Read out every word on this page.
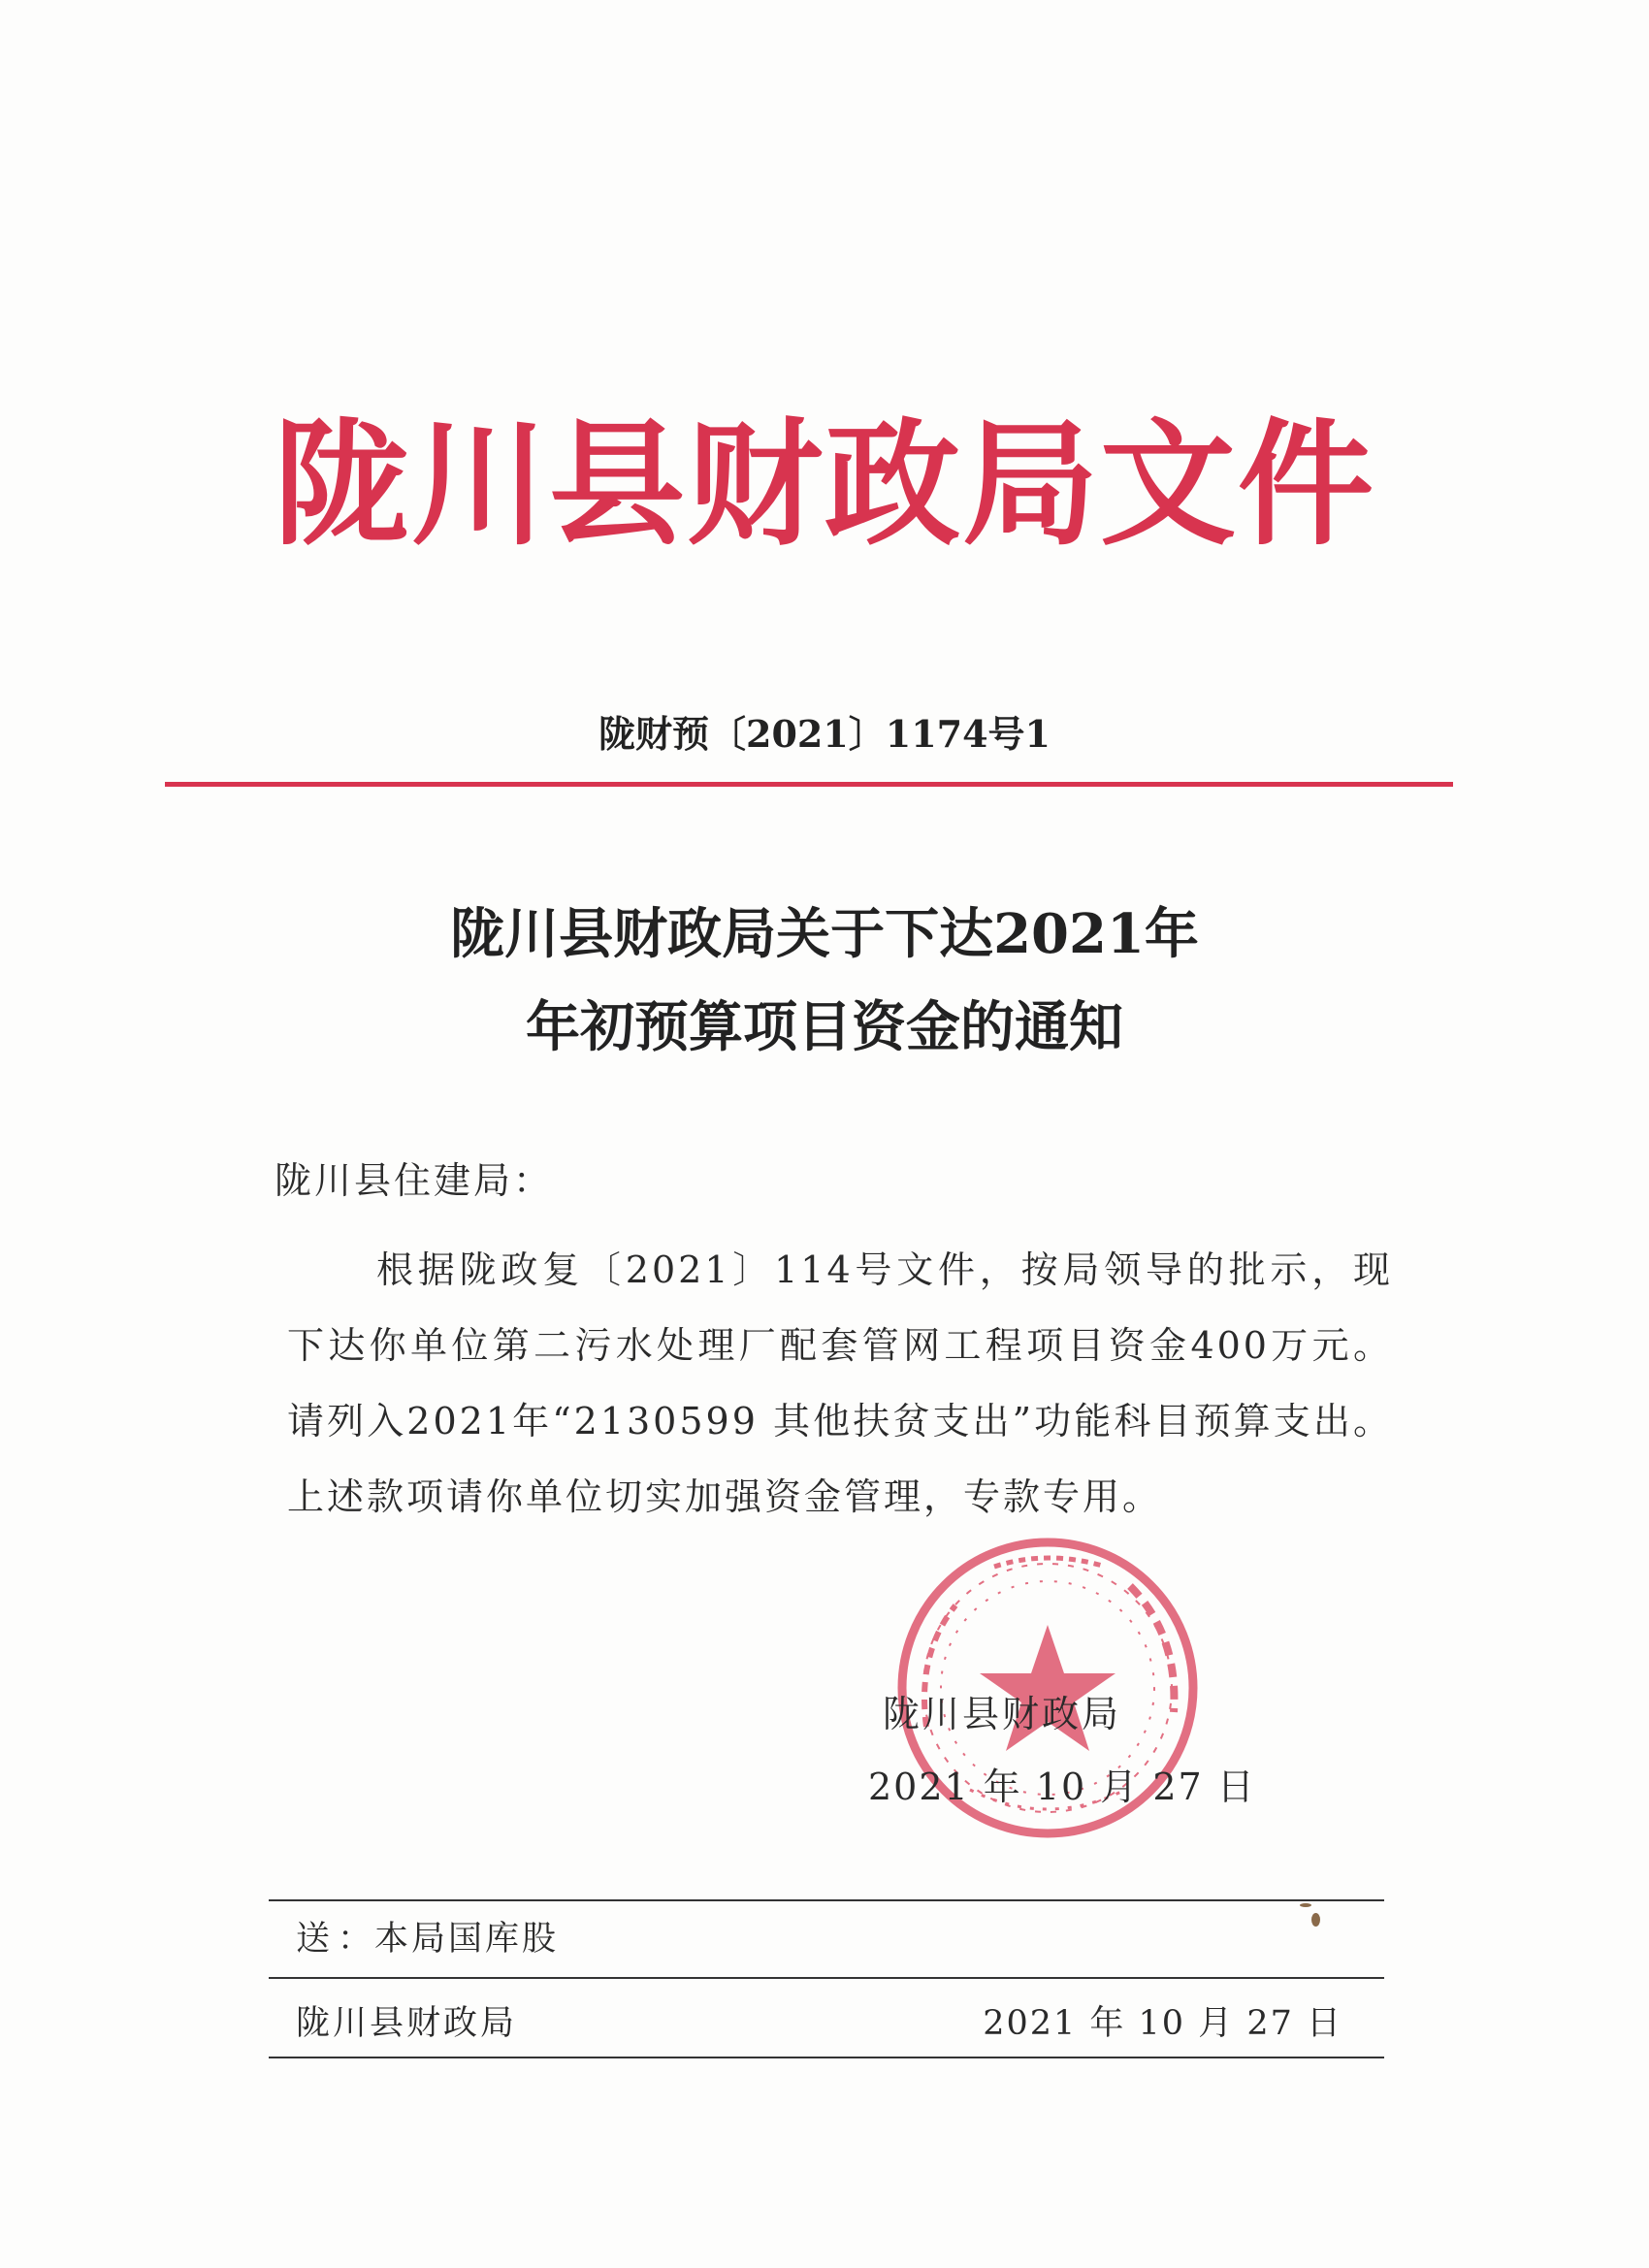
陇川县财政局文件
陇财预〔2021〕1174号1
陇川县财政局关于下达2021年
年初预算项目资金的通知
陇川县住建局：

根据陇政复〔2021〕114号文件，按局领导的批示，现下达你单位第二污水处理厂配套管网工程项目资金400万元。请列入2021年“2130599 其他扶贫支出”功能科目预算支出。上述款项请你单位切实加强资金管理，专款专用。

陇川县财政局
2021 年 10 月 27 日
送：本局国库股
陇川县财政局	2021 年 10 月 27 日
